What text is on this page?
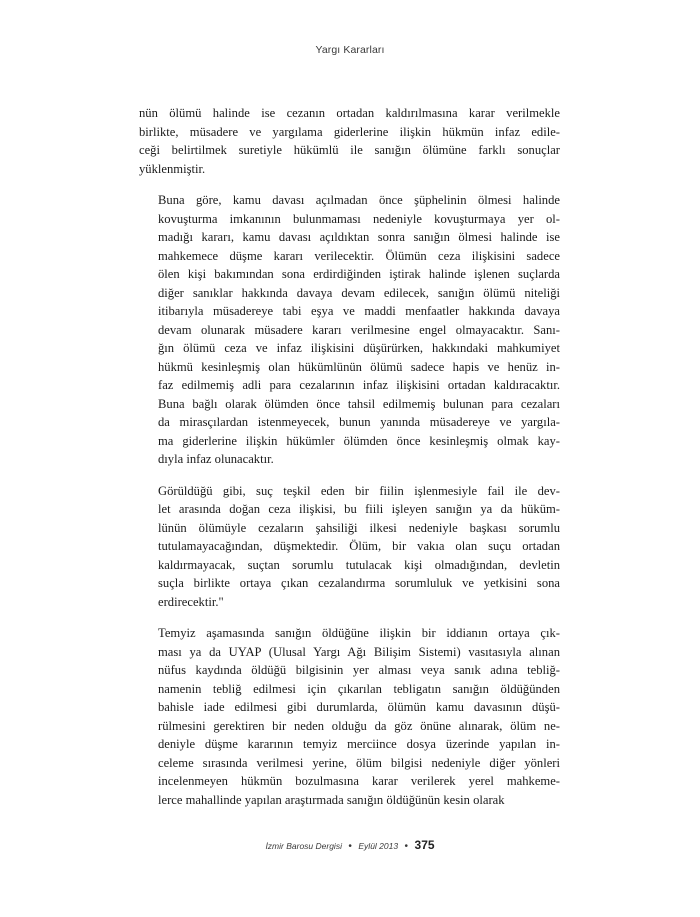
Yargı Kararları

nün ölümü halinde ise cezanın ortadan kaldırılmasına karar verilmekle
birlikte, müsadere ve yargılama giderlerine ilişkin hükmün infaz edile-
ceği belirtilmek suretiyle hükümlü ile sanığın ölümüne farklı sonuçlar
yüklenmiştir.

Buna göre, kamu davası açılmadan önce şüphelinin ölmesi halinde
kovuşturma imkanının bulunmaması nedeniyle kovuşturmaya yer ol-
madığı kararı, kamu davası açıldıktan sonra sanığın ölmesi halinde ise
mahkemece düşme kararı verilecektir. Ölümün ceza ilişkisini sadece
ölen kişi bakımından sona erdirdiğinden iştirak halinde işlenen suçlarda
diğer sanıklar hakkında davaya devam edilecek, sanığın ölümü niteliği
itibarıyla müsadereye tabi eşya ve maddi menfaatler hakkında davaya
devam olunarak müsadere kararı verilmesine engel olmayacaktır. Sanı-
ğın ölümü ceza ve infaz ilişkisini düşürürken, hakkındaki mahkumiyet
hükmü kesinleşmiş olan hükümlünün ölümü sadece hapis ve henüz in-
faz edilmemiş adli para cezalarının infaz ilişkisini ortadan kaldıracaktır.
Buna bağlı olarak ölümden önce tahsil edilmemiş bulunan para cezaları
da mirasçılardan istenmeyecek, bunun yanında müsadereye ve yargıla-
ma giderlerine ilişkin hükümler ölümden önce kesinleşmiş olmak kay-
dıyla infaz olunacaktır.

Görüldüğü gibi, suç teşkil eden bir fiilin işlenmesiyle fail ile dev-
let arasında doğan ceza ilişkisi, bu fiili işleyen sanığın ya da hüküm-
lünün ölümüyle cezaların şahsiliği ilkesi nedeniyle başkası sorumlu
tutulamayacağından, düşmektedir. Ölüm, bir vakıa olan suçu ortadan
kaldırmayacak, suçtan sorumlu tutulacak kişi olmadığından, devletin
suçla birlikte ortaya çıkan cezalandırma sorumluluk ve yetkisini sona
erdirecektir."

Temyiz aşamasında sanığın öldüğüne ilişkin bir iddianın ortaya çık-
ması ya da UYAP (Ulusal Yargı Ağı Bilişim Sistemi) vasıtasıyla alınan
nüfus kaydında öldüğü bilgisinin yer alması veya sanık adına tebliğ-
namenin tebliğ edilmesi için çıkarılan tebligatın sanığın öldüğünden
bahisle iade edilmesi gibi durumlarda, ölümün kamu davasının düşü-
rülmesini gerektiren bir neden olduğu da göz önüne alınarak, ölüm ne-
deniyle düşme kararının temyiz merciince dosya üzerinde yapılan in-
celeme sırasında verilmesi yerine, ölüm bilgisi nedeniyle diğer yönleri
incelenmeyen hükmün bozulmasına karar verilerek yerel mahkeme-
lerce mahallinde yapılan araştırmada sanığın öldüğünün kesin olarak

İzmir Barosu Dergisi • Eylül 2013 • 375
